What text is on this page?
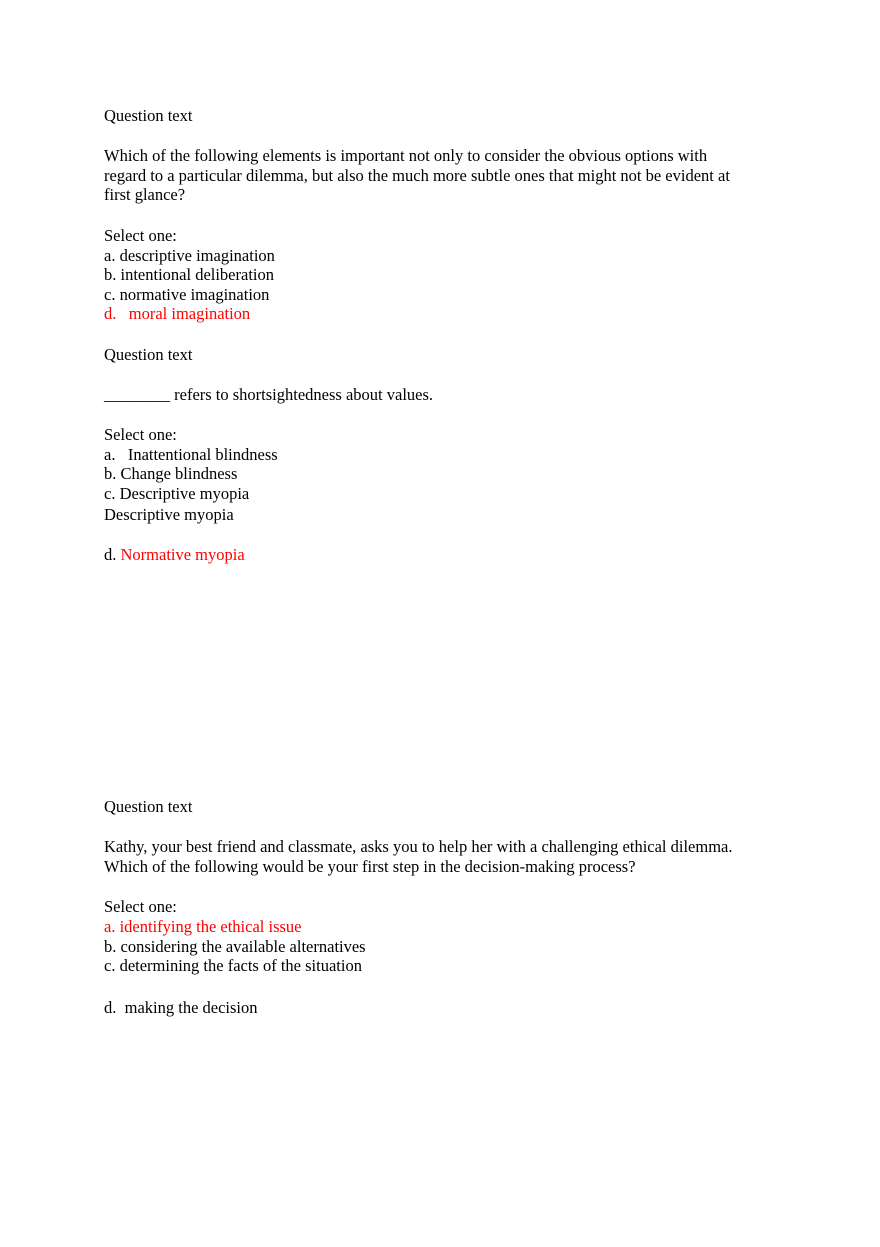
Question text
Which of the following elements is important not only to consider the obvious options with
regard to a particular dilemma, but also the much more subtle ones that might not be evident at
first glance?
Select one:
a. descriptive imagination
b. intentional deliberation
c. normative imagination
d.   moral imagination
Question text
________ refers to shortsightedness about values.
Select one:
a.   Inattentional blindness
b. Change blindness
c. Descriptive myopia
Descriptive myopia
d. Normative myopia
Question text
Kathy, your best friend and classmate, asks you to help her with a challenging ethical dilemma.
Which of the following would be your first step in the decision-making process?
Select one:
a. identifying the ethical issue
b. considering the available alternatives
c. determining the facts of the situation
d.  making the decision
